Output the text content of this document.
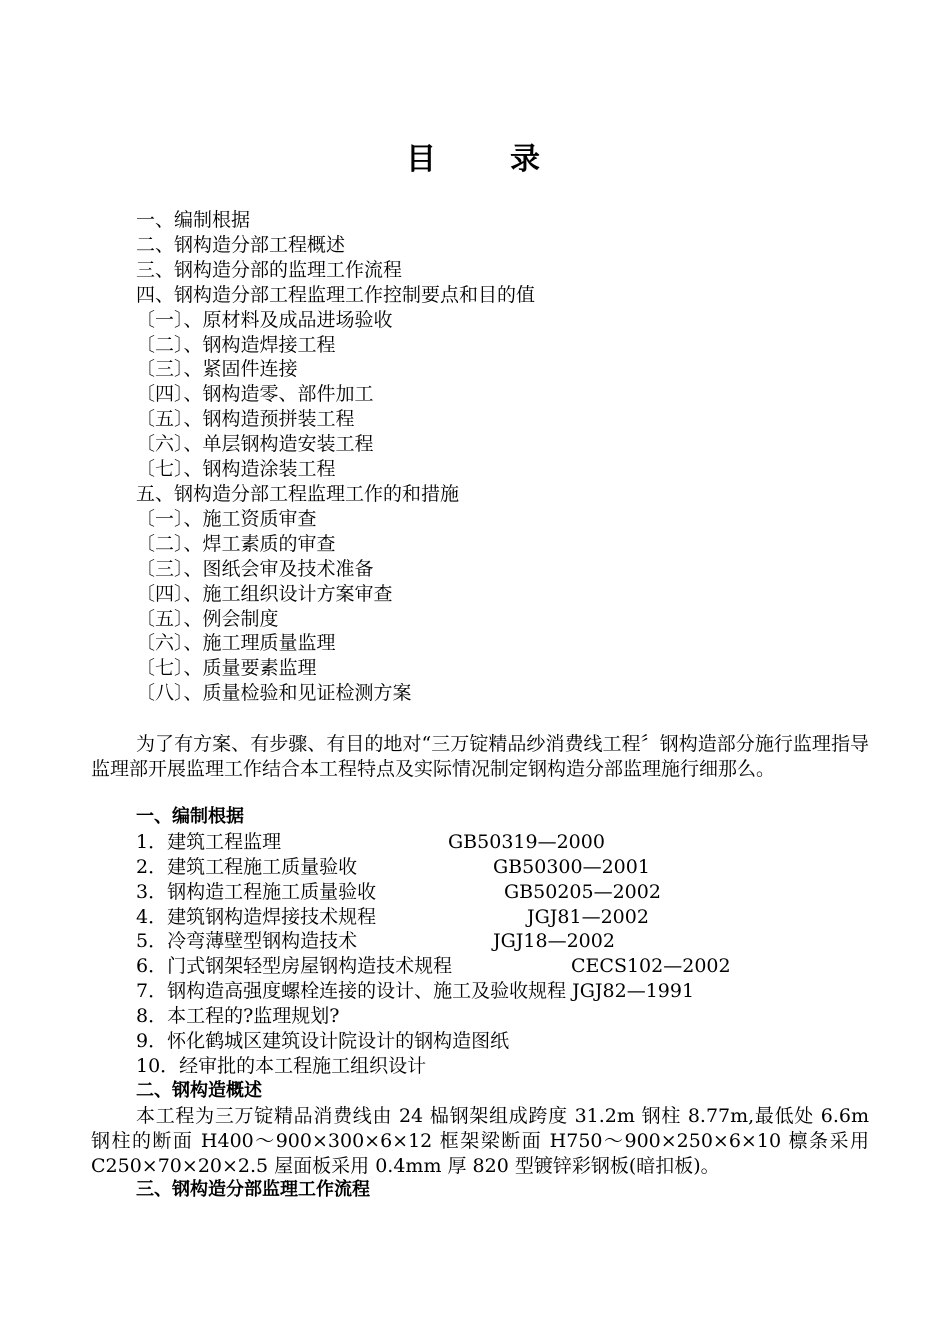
目 录
一、编制根据
二、钢构造分部工程概述
三、钢构造分部的监理工作流程
四、钢构造分部工程监理工作控制要点和目的值
〔一〕、原材料及成品进场验收
〔二〕、钢构造焊接工程
〔三〕、紧固件连接
〔四〕、钢构造零、部件加工
〔五〕、钢构造预拼装工程
〔六〕、单层钢构造安装工程
〔七〕、钢构造涂装工程
五、钢构造分部工程监理工作的和措施
〔一〕、施工资质审查
〔二〕、焊工素质的审查
〔三〕、图纸会审及技术准备
〔四〕、施工组织设计方案审查
〔五〕、例会制度
〔六〕、施工理质量监理
〔七〕、质量要素监理
〔八〕、质量检验和见证检测方案

为了有方案、有步骤、有目的地对“三万锭精品纱消费线工程〞钢构造部分施行监理指导监理部开展监理工作结合本工程特点及实际情况制定钢构造分部监理施行细那么。

一、编制根据
1．建筑工程监理	GB50319—2000
2．建筑工程施工质量验收	GB50300—2001
3．钢构造工程施工质量验收	GB50205—2002
4．建筑钢构造焊接技术规程	JGJ81—2002
5．冷弯薄壁型钢构造技术	JGJ18—2002
6．门式钢架轻型房屋钢构造技术规程	CECS102—2002
7．钢构造高强度螺栓连接的设计、施工及验收规程 JGJ82—1991
8．本工程的?监理规划?
9．怀化鹤城区建筑设计院设计的钢构造图纸
10．经审批的本工程施工组织设计
二、钢构造概述
本工程为三万锭精品消费线由 24 榀钢架组成跨度 31.2m 钢柱 8.77m,最低处 6.6m 钢柱的断面 H400～900×300×6×12 框架梁断面 H750～900×250×6×10 檩条采用 C250×70×20×2.5 屋面板采用 0.4mm 厚 820 型镀锌彩钢板(暗扣板)。
三、钢构造分部监理工作流程
